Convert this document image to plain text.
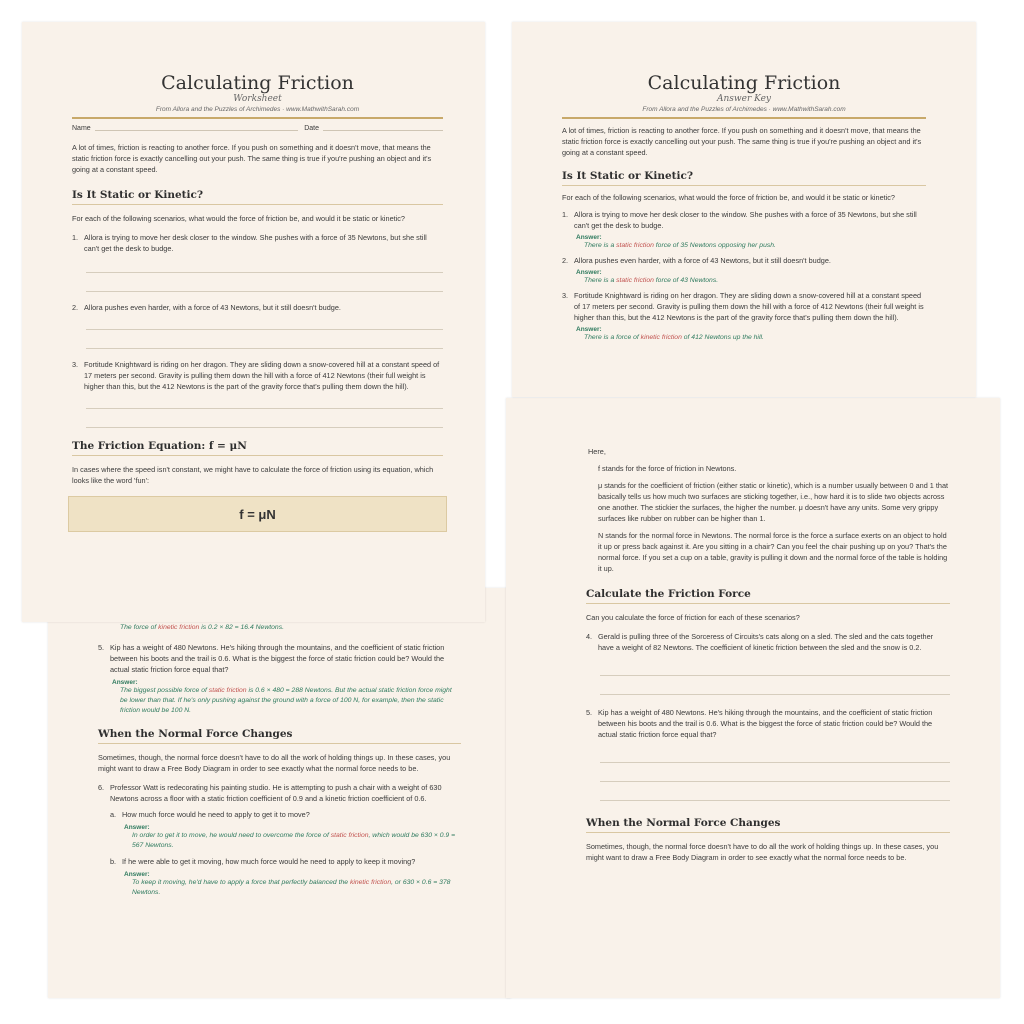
The force of kinetic friction is 0.2 × 82 = 16.4 Newtons.
5. Kip has a weight of 480 Newtons. He's hiking through the mountains, and the coefficient of static friction between his boots and the trail is 0.6. What is the biggest the force of static friction could be? Would the actual static friction force equal that?
Answer:
The biggest possible force of static friction is 0.6 × 480 = 288 Newtons. But the actual static friction force might be lower than that. If he's only pushing against the ground with a force of 100 N, for example, then the static friction would be 100 N.
When the Normal Force Changes

Sometimes, though, the normal force doesn't have to do all the work of holding things up. In these cases, you might want to draw a Free Body Diagram in order to see exactly what the normal force needs to be.

6. Professor Watt is redecorating his painting studio. He is attempting to push a chair with a weight of 630 Newtons across a floor with a static friction coefficient of 0.9 and a kinetic friction coefficient of 0.6.
a. How much force would he need to apply to get it to move?
Answer:
In order to get it to move, he would need to overcome the force of static friction, which would be 630 × 0.9 = 567 Newtons.
b. If he were able to get it moving, how much force would he need to apply to keep it moving?
Answer:
To keep it moving, he'd have to apply a force that perfectly balanced the kinetic friction, or 630 × 0.6 = 378 Newtons.

Here,

f stands for the force of friction in Newtons.

μ stands for the coefficient of friction (either static or kinetic), which is a number usually between 0 and 1 that basically tells us how much two surfaces are sticking together, i.e., how hard it is to slide two objects across one another. The stickier the surfaces, the higher the number. μ doesn't have any units. Some very grippy surfaces like rubber on rubber can be higher than 1.

N stands for the normal force in Newtons. The normal force is the force a surface exerts on an object to hold it up or press back against it. Are you sitting in a chair? Can you feel the chair pushing up on you? That's the normal force. If you set a cup on a table, gravity is pulling it down and the normal force of the table is holding it up.

Calculate the Friction Force

Can you calculate the force of friction for each of these scenarios?

4. Gerald is pulling three of the Sorceress of Circuits's cats along on a sled. The sled and the cats together have a weight of 82 Newtons. The coefficient of kinetic friction between the sled and the snow is 0.2.
5. Kip has a weight of 480 Newtons. He's hiking through the mountains, and the coefficient of static friction between his boots and the trail is 0.6. What is the biggest the force of static friction could be? Would the actual static friction force equal that?
When the Normal Force Changes

Sometimes, though, the normal force doesn't have to do all the work of holding things up. In these cases, you might want to draw a Free Body Diagram in order to see exactly what the normal force needs to be.

Calculating Friction
Worksheet
From Allora and the Puzzles of Archimedes · www.MathwithSarah.com
Name	Date

A lot of times, friction is reacting to another force. If you push on something and it doesn't move, that means the static friction force is exactly cancelling out your push. The same thing is true if you're pushing an object and it's going at a constant speed.

Is It Static or Kinetic?

For each of the following scenarios, what would the force of friction be, and would it be static or kinetic?

1. Allora is trying to move her desk closer to the window. She pushes with a force of 35 Newtons, but she still can't get the desk to budge.
2. Allora pushes even harder, with a force of 43 Newtons, but it still doesn't budge.
3. Fortitude Knightward is riding on her dragon. They are sliding down a snow-covered hill at a constant speed of 17 meters per second. Gravity is pulling them down the hill with a force of 412 Newtons (their full weight is higher than this, but the 412 Newtons is the part of the gravity force that's pulling them down the hill).
The Friction Equation: f = μN

In cases where the speed isn't constant, we might have to calculate the force of friction using its equation, which looks like the word 'fun':

f = μN
Calculating Friction
Answer Key
From Allora and the Puzzles of Archimedes · www.MathwithSarah.com

A lot of times, friction is reacting to another force. If you push on something and it doesn't move, that means the static friction force is exactly cancelling out your push. The same thing is true if you're pushing an object and it's going at a constant speed.

Is It Static or Kinetic?

For each of the following scenarios, what would the force of friction be, and would it be static or kinetic?

1. Allora is trying to move her desk closer to the window. She pushes with a force of 35 Newtons, but she still can't get the desk to budge.
Answer:
There is a static friction force of 35 Newtons opposing her push.
2. Allora pushes even harder, with a force of 43 Newtons, but it still doesn't budge.
Answer:
There is a static friction force of 43 Newtons.
3. Fortitude Knightward is riding on her dragon. They are sliding down a snow-covered hill at a constant speed of 17 meters per second. Gravity is pulling them down the hill with a force of 412 Newtons (their full weight is higher than this, but the 412 Newtons is the part of the gravity force that's pulling them down the hill).
Answer:
There is a force of kinetic friction of 412 Newtons up the hill.
